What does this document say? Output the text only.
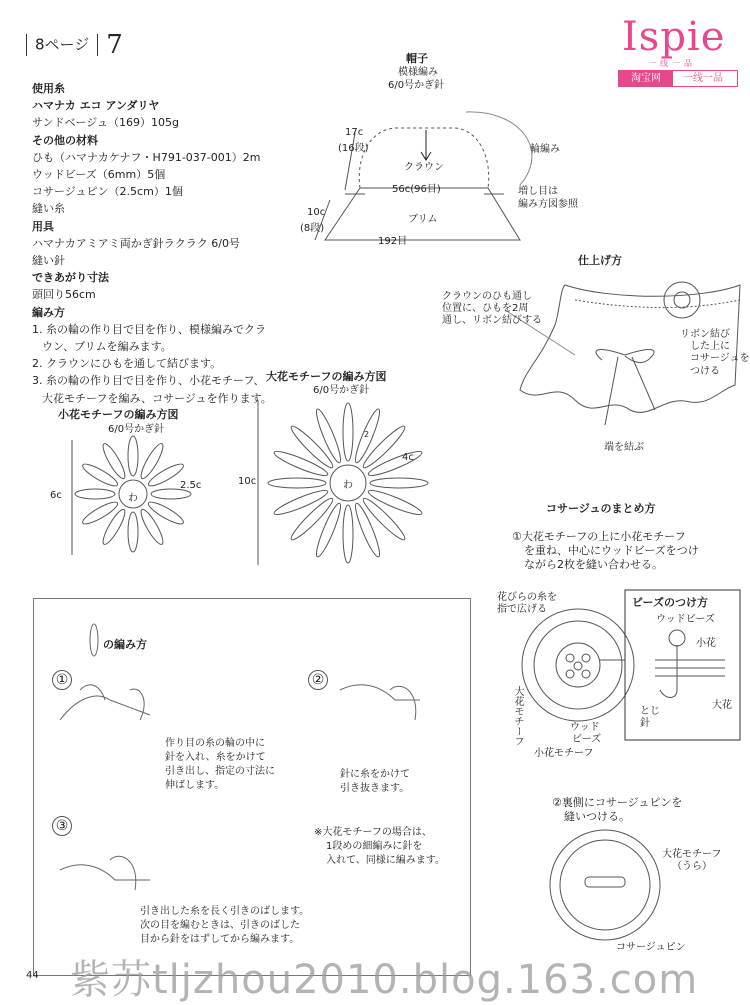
8ページ 7	Ispie
一线一品
淘宝网 一线一品
使用糸
ハマナカ エコ アンダリヤ
サンドベージュ（169）105g
その他の材料
ひも（ハマナカケナフ・H791-037-001）2m
ウッドビーズ（6mm）5個
コサージュピン（2.5cm）1個
縫い糸
用具
ハマナカアミアミ両かぎ針ラクラク 6/0号
縫い針
できあがり寸法
頭回り56cm
編み方
1. 糸の輪の作り目で目を作り、模様編みでクラウン、ブリムを編みます。
2. クラウンにひもを通して結びます。
3. 糸の輪の作り目で目を作り、小花モチーフ、大花モチーフを編み、コサージュを作ります。
帽子
模様編み
6/0号かぎ針
17c
(16段)
クラウン
輪編み
56c(96目)	増し目は
編み方図参照
10c
(8段)
ブリム
192目
仕上げ方
クラウンのひも通し
位置に、ひもを2周
通し、リボン結びする
リボン結び
した上に
コサージュを
つける
端を結ぶ
小花モチーフの編み方図
6/0号かぎ針
6c
2.5c
わ
大花モチーフの編み方図
6/0号かぎ針
10c
4c
わ
2
の編み方
①
作り目の糸の輪の中に
針を入れ、糸をかけて
引き出し、指定の寸法に
伸ばします。
②
針に糸をかけて
引き抜きます。
③	※大花モチーフの場合は、
1段めの細編みに針を
入れて、同様に編みます。
引き出した糸を長く引きのばします。
次の目を編むときは、引きのばした
目から針をはずしてから編みます。
コサージュのまとめ方
①大花モチーフの上に小花モチーフ
を重ね、中心にウッドビーズをつけ
ながら2枚を縫い合わせる。
花びらの糸を
指で広げる
大花モチーフ	ウッド
ビーズ
小花モチーフ
ビーズのつけ方
ウッドビーズ
小花
大花
とじ
針
②裏側にコサージュピンを
縫いつける。
大花モチーフ
（うら）
コサージュピン
44 紫苏tljzhou2010.blog.163.com
